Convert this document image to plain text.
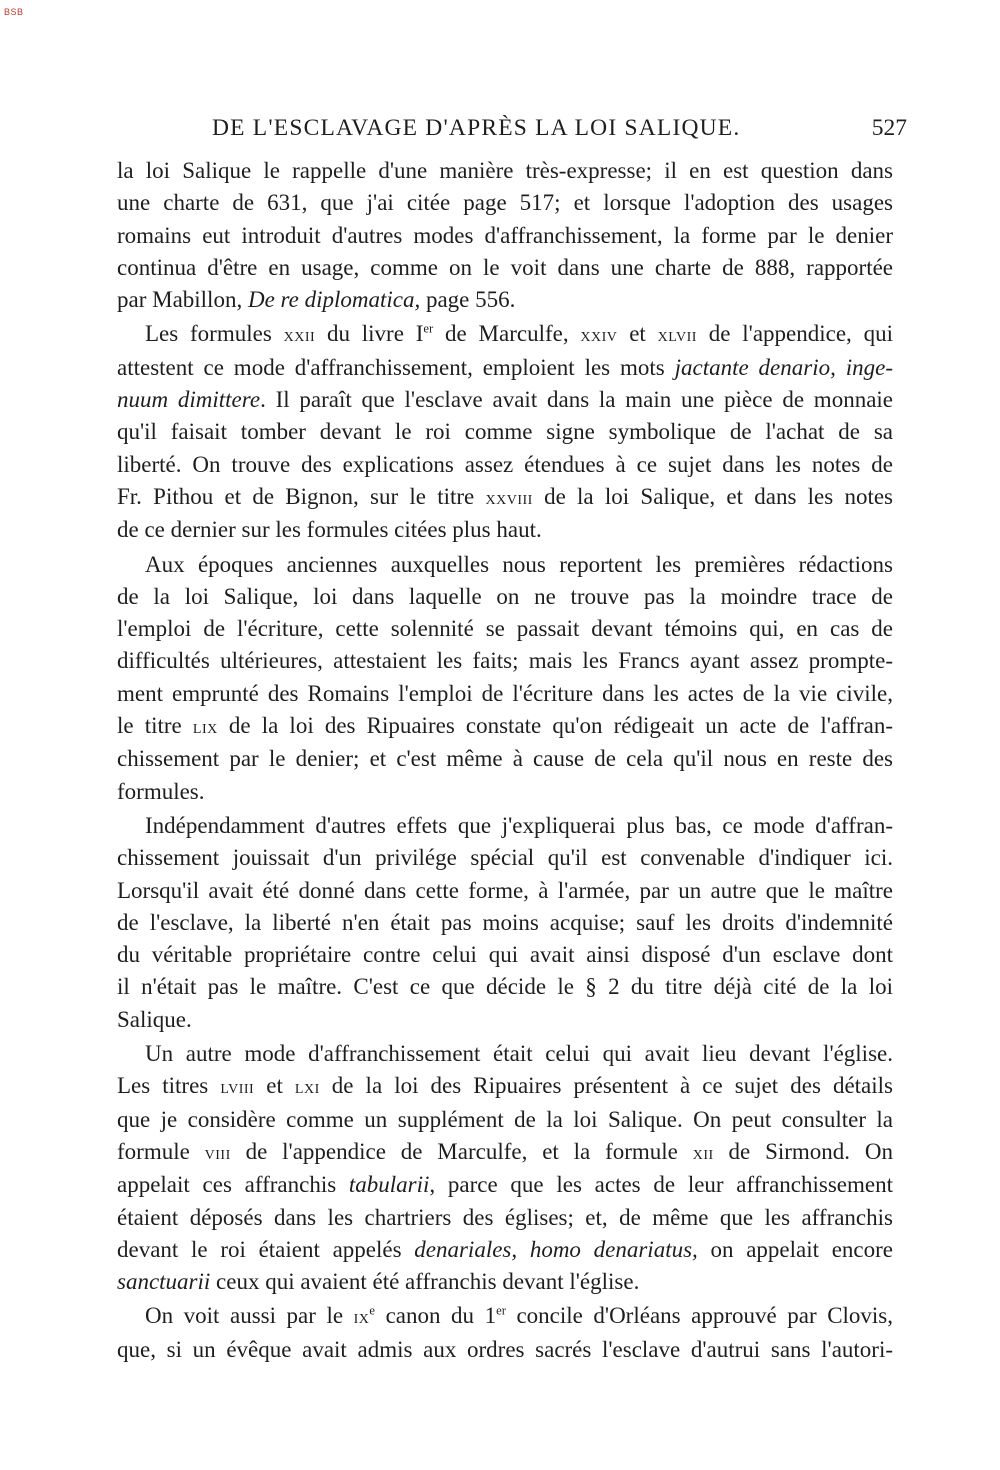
BSB
DE L'ESCLAVAGE D'APRÈS LA LOI SALIQUE.	527
la loi Salique le rappelle d'une manière très-expresse; il en est question dans
une charte de 631, que j'ai citée page 517; et lorsque l'adoption des usages
romains eut introduit d'autres modes d'affranchissement, la forme par le denier
continua d'être en usage, comme on le voit dans une charte de 888, rapportée
par Mabillon, De re diplomatica, page 556.
Les formules xxii du livre Ier de Marculfe, xxiv et xlvii de l'appendice, qui
attestent ce mode d'affranchissement, emploient les mots jactante denario, inge-
nuum dimittere. Il paraît que l'esclave avait dans la main une pièce de monnaie
qu'il faisait tomber devant le roi comme signe symbolique de l'achat de sa
liberté. On trouve des explications assez étendues à ce sujet dans les notes de
Fr. Pithou et de Bignon, sur le titre xxviii de la loi Salique, et dans les notes
de ce dernier sur les formules citées plus haut.
Aux époques anciennes auxquelles nous reportent les premières rédactions
de la loi Salique, loi dans laquelle on ne trouve pas la moindre trace de
l'emploi de l'écriture, cette solennité se passait devant témoins qui, en cas de
difficultés ultérieures, attestaient les faits; mais les Francs ayant assez prompte-
ment emprunté des Romains l'emploi de l'écriture dans les actes de la vie civile,
le titre lix de la loi des Ripuaires constate qu'on rédigeait un acte de l'affran-
chissement par le denier; et c'est même à cause de cela qu'il nous en reste des
formules.
Indépendamment d'autres effets que j'expliquerai plus bas, ce mode d'affran-
chissement jouissait d'un privilége spécial qu'il est convenable d'indiquer ici.
Lorsqu'il avait été donné dans cette forme, à l'armée, par un autre que le maître
de l'esclave, la liberté n'en était pas moins acquise; sauf les droits d'indemnité
du véritable propriétaire contre celui qui avait ainsi disposé d'un esclave dont
il n'était pas le maître. C'est ce que décide le § 2 du titre déjà cité de la loi
Salique.
Un autre mode d'affranchissement était celui qui avait lieu devant l'église.
Les titres lviii et lxi de la loi des Ripuaires présentent à ce sujet des détails
que je considère comme un supplément de la loi Salique. On peut consulter la
formule viii de l'appendice de Marculfe, et la formule xii de Sirmond. On
appelait ces affranchis tabularii, parce que les actes de leur affranchissement
étaient déposés dans les chartriers des églises; et, de même que les affranchis
devant le roi étaient appelés denariales, homo denariatus, on appelait encore
sanctuarii ceux qui avaient été affranchis devant l'église.
On voit aussi par le $ix^e$ canon du 1er concile d'Orléans approuvé par Clovis,
que, si un évêque avait admis aux ordres sacrés l'esclave d'autrui sans l'autori-
